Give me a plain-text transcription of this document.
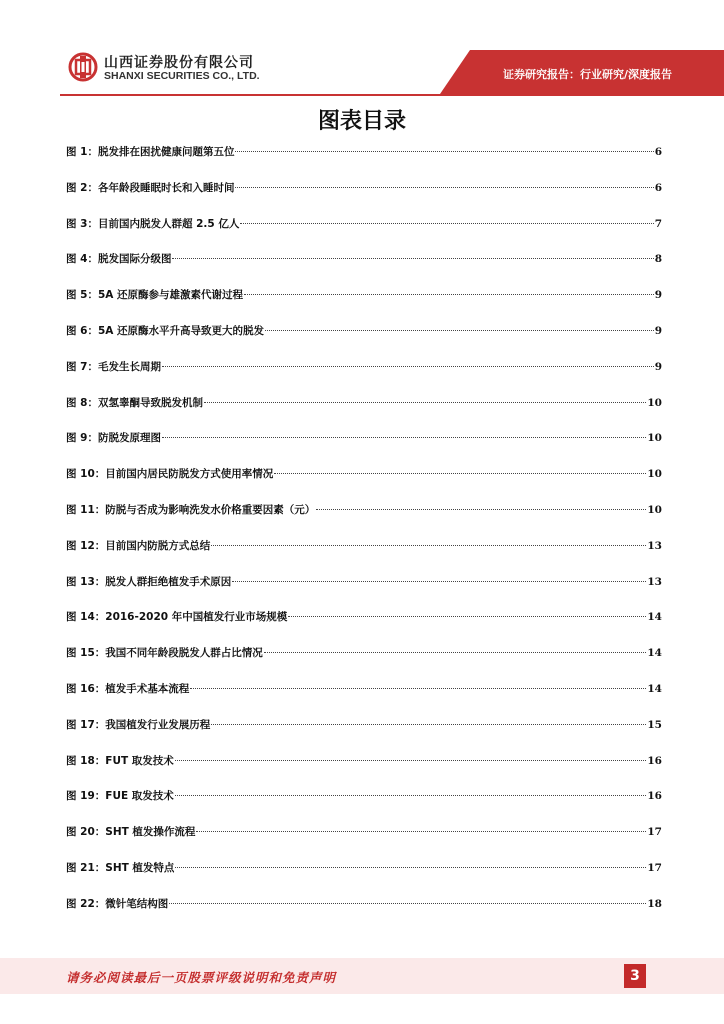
山西证券股份有限公司
SHANXI SECURITIES CO., LTD.	证券研究报告：行业研究/深度报告
图表目录
图 1：脱发排在困扰健康问题第五位	6
图 2：各年龄段睡眠时长和入睡时间	6
图 3：目前国内脱发人群超 2.5 亿人	7
图 4：脱发国际分级图	8
图 5：5A 还原酶参与雄激素代谢过程	9
图 6：5A 还原酶水平升高导致更大的脱发	9
图 7：毛发生长周期	9
图 8：双氢睾酮导致脱发机制	10
图 9：防脱发原理图	10
图 10：目前国内居民防脱发方式使用率情况	10
图 11：防脱与否成为影响洗发水价格重要因素（元）	10
图 12：目前国内防脱方式总结	13
图 13：脱发人群拒绝植发手术原因	13
图 14：2016-2020 年中国植发行业市场规模	14
图 15：我国不同年龄段脱发人群占比情况	14
图 16：植发手术基本流程	14
图 17：我国植发行业发展历程	15
图 18：FUT 取发技术	16
图 19：FUE 取发技术	16
图 20：SHT 植发操作流程	17
图 21：SHT 植发特点	17
图 22：微针笔结构图	18
请务必阅读最后一页股票评级说明和免责声明	3
